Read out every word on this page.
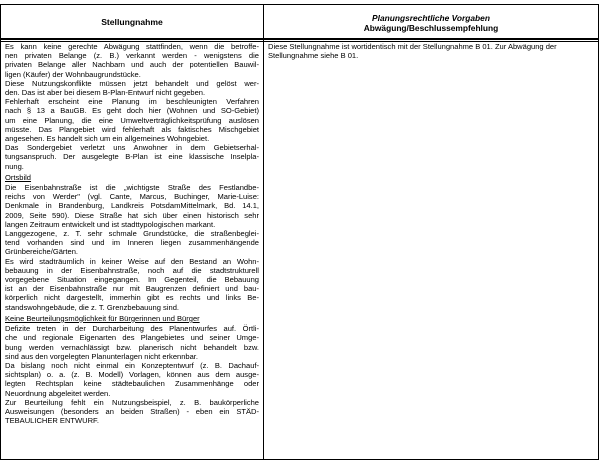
Stellungnahme	Planungsrechtliche Vorgaben
Abwägung/Beschlussempfehlung
Es kann keine gerechte Abwägung stattfinden, wenn die betroffe-
nen privaten Belange (z. B.) verkannt werden - wenigstens die
privaten Belange aller Nachbarn und auch der potentiellen Bauwil-
ligen (Käufer) der Wohnbaugrundstücke.
Diese Nutzungskonflikte müssen jetzt behandelt und gelöst wer-
den. Das ist aber bei diesem B-Plan-Entwurf nicht gegeben.
Fehlerhaft erscheint eine Planung im beschleunigten Verfahren
nach § 13 a BauGB. Es geht doch hier (Wohnen und SO-Gebiet)
um eine Planung, die eine Umweltverträglichkeitsprüfung auslösen
müsste. Das Plangebiet wird fehlerhaft als faktisches Mischgebiet
angesehen. Es handelt sich um ein allgemeines Wohngebiet.
Das Sondergebiet verletzt uns Anwohner in dem Gebietserhal-
tungsanspruch. Der ausgelegte B-Plan ist eine klassische Inselpla-
nung.
Ortsbild
Die Eisenbahnstraße ist die „wichtigste Straße des Festlandbe-
reichs von Werder" (vgl. Cante, Marcus, Buchinger, Marie-Luise:
Denkmale in Brandenburg, Landkreis PotsdamMittelmark, Bd. 14.1,
2009, Seite 590). Diese Straße hat sich über einen historisch sehr
langen Zeitraum entwickelt und ist stadttypologischen markant.
Langgezogene, z. T. sehr schmale Grundstücke, die straßenbeglei-
tend vorhanden sind und im Inneren liegen zusammenhängende
Grünbereiche/Gärten.
Es wird stadträumlich in keiner Weise auf den Bestand an Wohn-
bebauung in der Eisenbahnstraße, noch auf die stadtstrukturell
vorgegebene Situation eingegangen. Im Gegenteil, die Bebauung
ist an der Eisenbahnstraße nur mit Baugrenzen definiert und bau-
körperlich nicht dargestellt, immerhin gibt es rechts und links Be-
standswohngebäude, die z. T. Grenzbebauung sind.
Keine Beurteilungsmöglichkeit für Bürgerinnen und Bürger
Defizite treten in der Durcharbeitung des Planentwurfes auf. Örtli-
che und regionale Eigenarten des Plangebietes und seiner Umge-
bung werden vernachlässigt bzw. planerisch nicht behandelt bzw.
sind aus den vorgelegten Planunterlagen nicht erkennbar.
Da bislang noch nicht einmal ein Konzeptentwurf (z. B. Dachauf-
sichtsplan) o. a. (z. B. Modell) Vorlagen, können aus dem ausge-
legten Rechtsplan keine städtebaulichen Zusammenhänge oder
Neuordnung abgeleitet werden.
Zur Beurteilung fehlt ein Nutzungsbeispiel, z. B. baukörperliche
Ausweisungen (besonders an beiden Straßen) - eben ein STÄD-
TEBAULICHER ENTWURF.
Diese Stellungnahme ist wortidentisch mit der Stellungnahme B 01. Zur Abwägung der
Stellungnahme siehe B 01.
